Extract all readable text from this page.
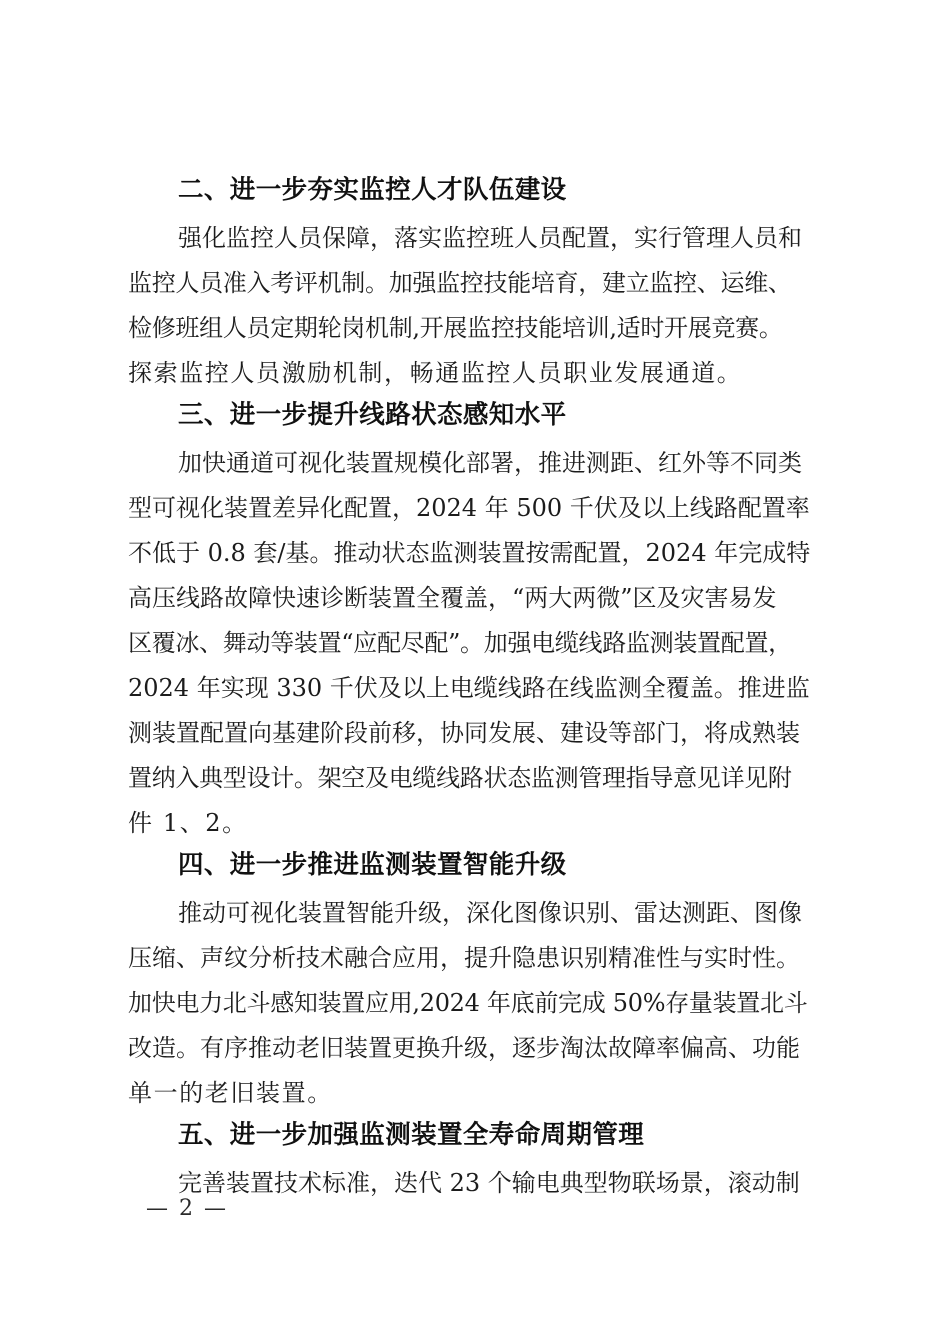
二、进一步夯实监控人才队伍建设
强化监控人员保障，落实监控班人员配置，实行管理人员和
监控人员准入考评机制。加强监控技能培育，建立监控、运维、
检修班组人员定期轮岗机制,开展监控技能培训,适时开展竞赛。
探索监控人员激励机制，畅通监控人员职业发展通道。
三、进一步提升线路状态感知水平
加快通道可视化装置规模化部署，推进测距、红外等不同类
型可视化装置差异化配置，2024 年 500 千伏及以上线路配置率
不低于 0.8 套/基。推动状态监测装置按需配置，2024 年完成特
高压线路故障快速诊断装置全覆盖，“两大两微”区及灾害易发
区覆冰、舞动等装置“应配尽配”。加强电缆线路监测装置配置，
2024 年实现 330 千伏及以上电缆线路在线监测全覆盖。推进监
测装置配置向基建阶段前移，协同发展、建设等部门，将成熟装
置纳入典型设计。架空及电缆线路状态监测管理指导意见详见附
件 1、2。
四、进一步推进监测装置智能升级
推动可视化装置智能升级，深化图像识别、雷达测距、图像
压缩、声纹分析技术融合应用，提升隐患识别精准性与实时性。
加快电力北斗感知装置应用,2024 年底前完成 50%存量装置北斗
改造。有序推动老旧装置更换升级，逐步淘汰故障率偏高、功能
单一的老旧装置。
五、进一步加强监测装置全寿命周期管理
完善装置技术标准，迭代 23 个输电典型物联场景，滚动制
— 2 —
